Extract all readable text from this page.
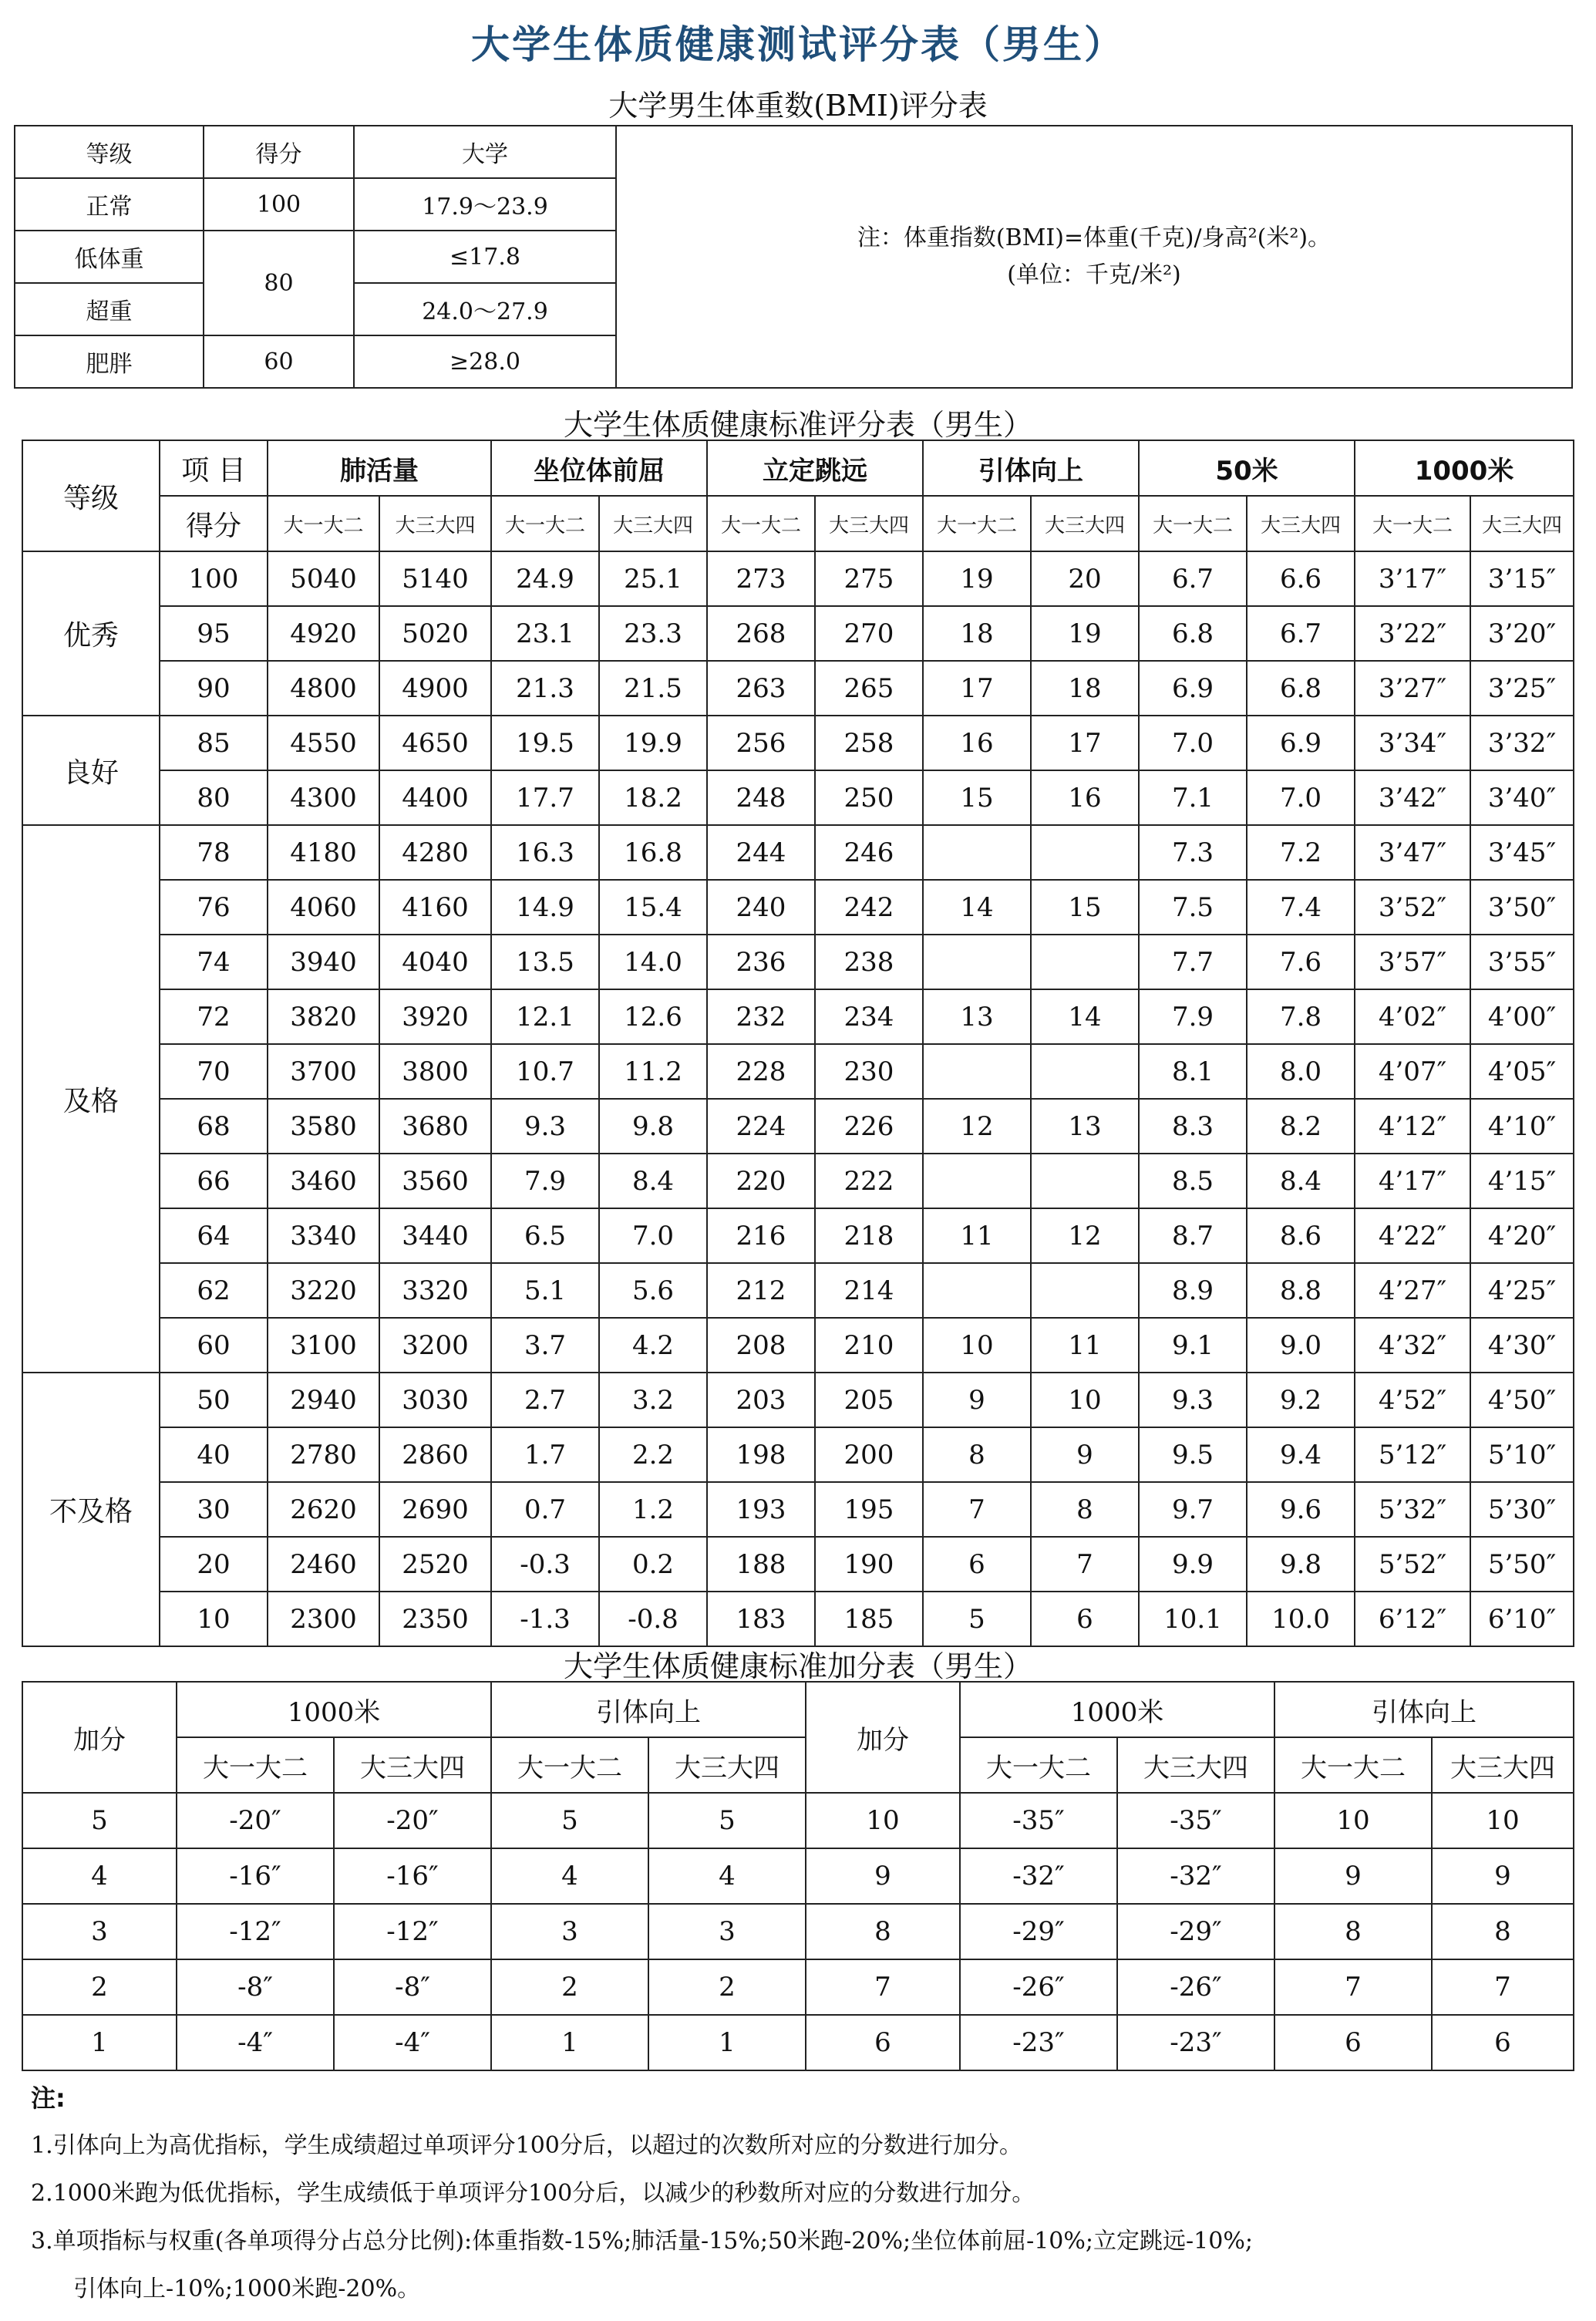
大学生体质健康测试评分表（男生）
大学男生体重数(BMI)评分表
等级	得分	大学	注：体重指数(BMI)=体重(千克)/身高²(米²)。
(单位：千克/米²)

正常	100	17.9～23.9	
低体重	80	≤17.8	
超重		24.0～27.9	
肥胖	60	≥28.0	
大学生体质健康标准评分表（男生）
等级	项 目	肺活量		坐位体前屈		立定跳远		引体向上		50米		1000米	
	得分	大一大二	大三大四	大一大二	大三大四	大一大二	大三大四	大一大二	大三大四	大一大二	大三大四	大一大二	大三大四
优秀	100	5040	5140	24.9	25.1	273	275	19	20	6.7	6.6	3’17″	3’15″
	95	4920	5020	23.1	23.3	268	270	18	19	6.8	6.7	3’22″	3’20″
	90	4800	4900	21.3	21.5	263	265	17	18	6.9	6.8	3’27″	3’25″
良好	85	4550	4650	19.5	19.9	256	258	16	17	7.0	6.9	3’34″	3’32″
	80	4300	4400	17.7	18.2	248	250	15	16	7.1	7.0	3’42″	3’40″
及格	78	4180	4280	16.3	16.8	244	246			7.3	7.2	3’47″	3’45″
	76	4060	4160	14.9	15.4	240	242	14	15	7.5	7.4	3’52″	3’50″
	74	3940	4040	13.5	14.0	236	238			7.7	7.6	3’57″	3’55″
	72	3820	3920	12.1	12.6	232	234	13	14	7.9	7.8	4’02″	4’00″
	70	3700	3800	10.7	11.2	228	230			8.1	8.0	4’07″	4’05″
	68	3580	3680	9.3	9.8	224	226	12	13	8.3	8.2	4’12″	4’10″
	66	3460	3560	7.9	8.4	220	222			8.5	8.4	4’17″	4’15″
	64	3340	3440	6.5	7.0	216	218	11	12	8.7	8.6	4’22″	4’20″
	62	3220	3320	5.1	5.6	212	214			8.9	8.8	4’27″	4’25″
	60	3100	3200	3.7	4.2	208	210	10	11	9.1	9.0	4’32″	4’30″
不及格	50	2940	3030	2.7	3.2	203	205	9	10	9.3	9.2	4’52″	4’50″
	40	2780	2860	1.7	2.2	198	200	8	9	9.5	9.4	5’12″	5’10″
	30	2620	2690	0.7	1.2	193	195	7	8	9.7	9.6	5’32″	5’30″
	20	2460	2520	-0.3	0.2	188	190	6	7	9.9	9.8	5’52″	5’50″
	10	2300	2350	-1.3	-0.8	183	185	5	6	10.1	10.0	6’12″	6’10″
大学生体质健康标准加分表（男生）
加分	1000米		引体向上		加分	1000米		引体向上	
	大一大二	大三大四	大一大二	大三大四		大一大二	大三大四	大一大二	大三大四
5	-20″	-20″	5	5	10	-35″	-35″	10	10
4	-16″	-16″	4	4	9	-32″	-32″	9	9
3	-12″	-12″	3	3	8	-29″	-29″	8	8
2	-8″	-8″	2	2	7	-26″	-26″	7	7
1	-4″	-4″	1	1	6	-23″	-23″	6	6
注:
1.引体向上为高优指标，学生成绩超过单项评分100分后，以超过的次数所对应的分数进行加分。
2.1000米跑为低优指标，学生成绩低于单项评分100分后，以减少的秒数所对应的分数进行加分。
3.单项指标与权重(各单项得分占总分比例):体重指数-15%;肺活量-15%;50米跑-20%;坐位体前屈-10%;立定跳远-10%;
引体向上-10%;1000米跑-20%。
